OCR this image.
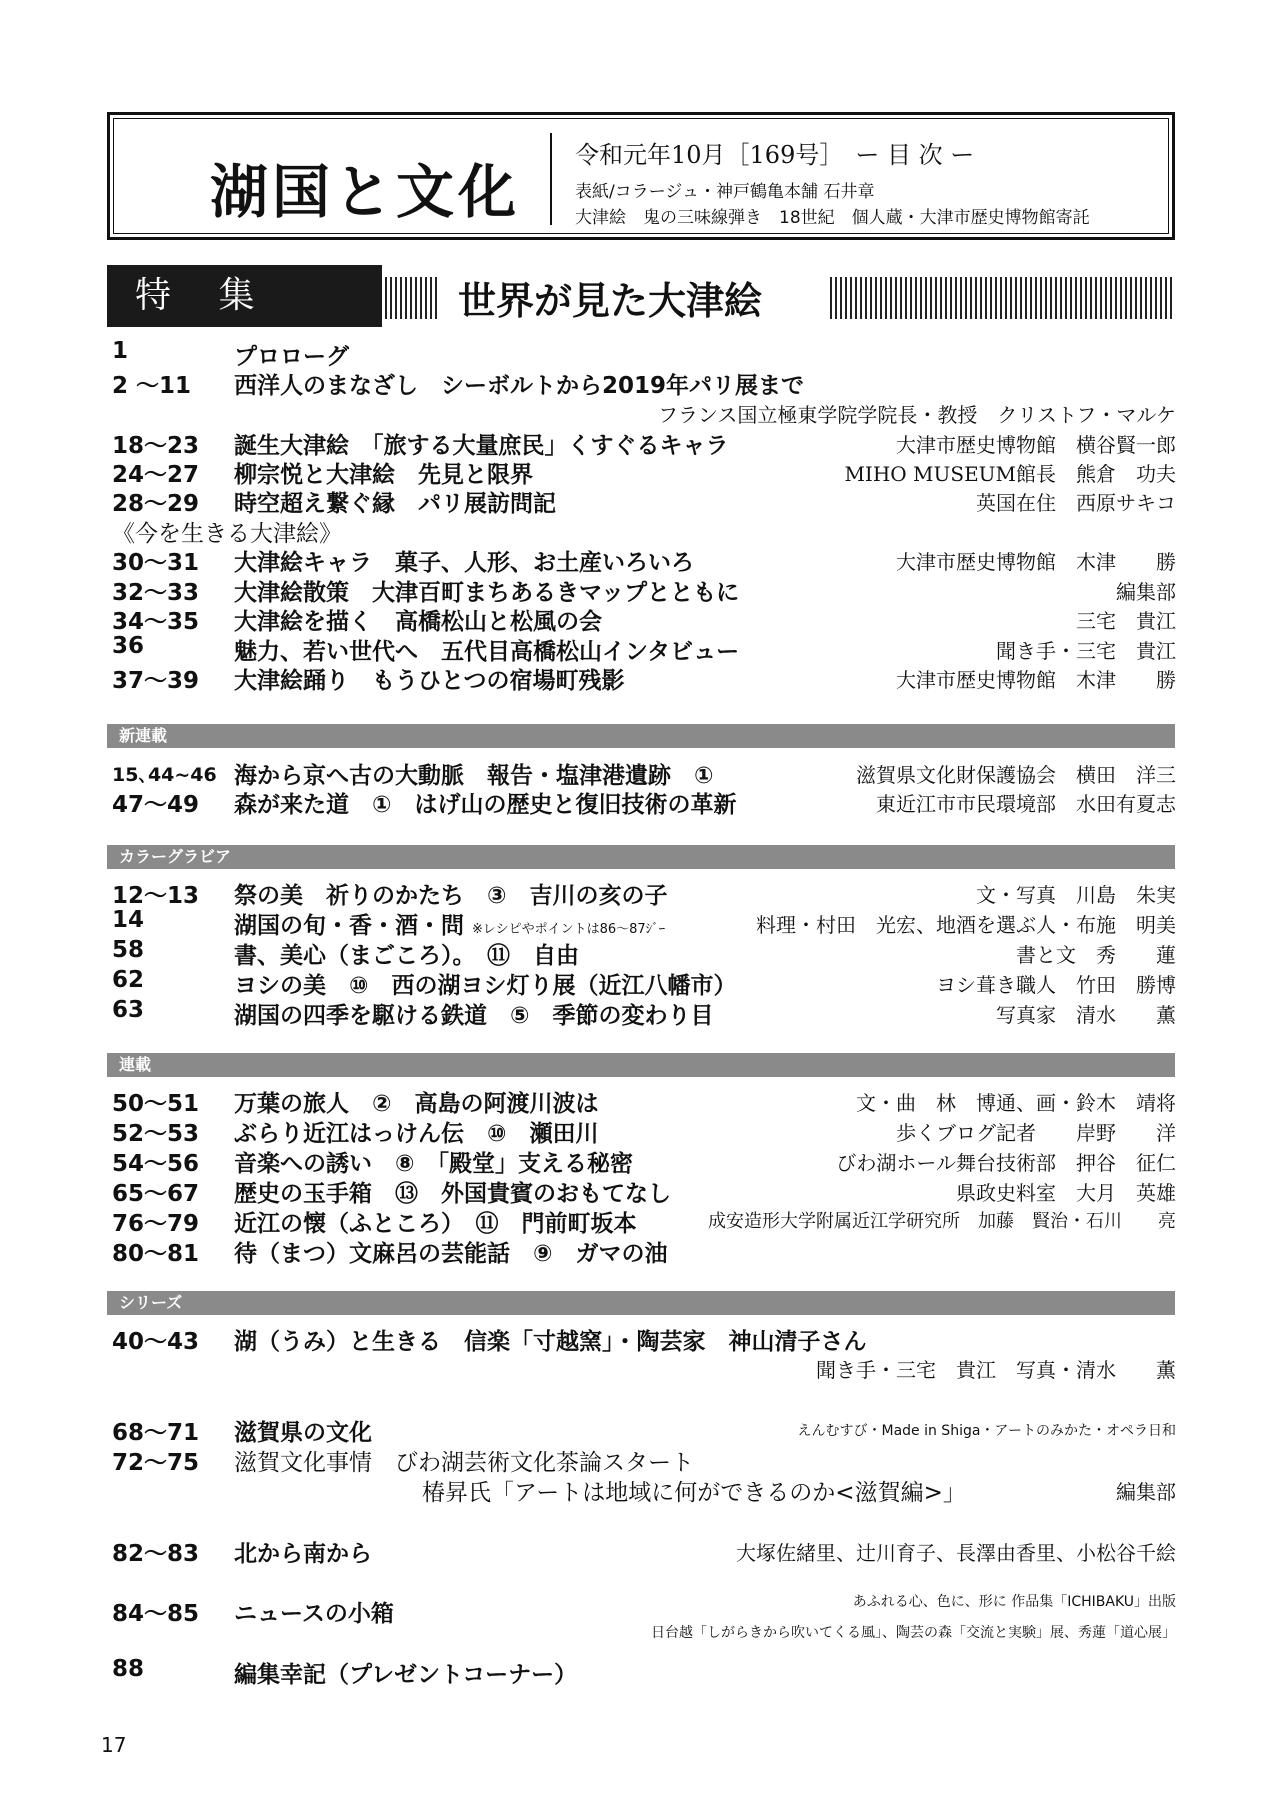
湖国と文化
令和元年10月［169号］　ー 目 次 ー
表紙/コラージュ・神戸鶴亀本舗 石井章
大津絵　鬼の三味線弾き　18世紀　個人蔵・大津市歴史博物館寄託
特 集	世界が見た大津絵
1	プロローグ
2 ～11 西洋人のまなざし　シーボルトから2019年パリ展まで
フランス国立極東学院学院長・教授　クリストフ・マルケ
18～23 誕生大津絵　「旅する大量庶民」くすぐるキャラ	大津市歴史博物館　横谷賢一郎
24～27 柳宗悦と大津絵　先見と限界	MIHO MUSEUM館長　熊倉　功夫
28～29 時空超え繋ぐ縁　パリ展訪問記	英国在住　西原サキコ
《今を生きる大津絵》
30～31 大津絵キャラ　菓子、人形、お土産いろいろ	大津市歴史博物館　木津　　勝
32～33 大津絵散策　大津百町まちあるきマップとともに	編集部
34～35 大津絵を描く　高橋松山と松風の会	三宅　貴江
36	魅力、若い世代へ　五代目高橋松山インタビュー	聞き手・三宅　貴江
37～39 大津絵踊り　もうひとつの宿場町残影	大津市歴史博物館　木津　　勝
新連載
15､44~46 海から京へ古の大動脈　報告・塩津港遺跡　①	滋賀県文化財保護協会　横田　洋三
47～49 森が来た道　①　はげ山の歴史と復旧技術の革新	東近江市市民環境部　水田有夏志
カラーグラビア
12～13 祭の美　祈りのかたち　③　吉川の亥の子	文・写真　川島　朱実
14	湖国の旬・香・酒・問 ※レシピやポイントは86～87ｼﾞｰ	料理・村田　光宏、地酒を選ぶ人・布施　明美
58	書、美心（まごころ）。　⑪　自由	書と文　秀　　蓮
62	ヨシの美　⑩　西の湖ヨシ灯り展（近江八幡市）	ヨシ葺き職人　竹田　勝博
63	湖国の四季を駆ける鉄道　⑤　季節の変わり目	写真家　清水　　薫
連載
50～51 万葉の旅人　②　高島の阿渡川波は	文・曲　林　博通、画・鈴木　靖将
52～53 ぶらり近江はっけん伝　⑩　瀬田川	歩くブログ記者　　岸野　　洋
54～56 音楽への誘い　⑧　「殿堂」支える秘密	びわ湖ホール舞台技術部　押谷　征仁
65～67 歴史の玉手箱　⑬　外国貴賓のおもてなし	県政史料室　大月　英雄
76～79 近江の懐（ふところ）　⑪　門前町坂本	成安造形大学附属近江学研究所　加藤　賢治・石川　　亮
80～81 待（まつ）文麻呂の芸能話　⑨　ガマの油
シリーズ
40～43 湖（うみ）と生きる　信楽「寸越窯」・陶芸家　神山清子さん
聞き手・三宅　貴江　写真・清水　　薫
68～71 滋賀県の文化	えんむすび・Made in Shiga・アートのみかた・オペラ日和
72～75 滋賀文化事情　びわ湖芸術文化茶論スタート
椿昇氏「アートは地域に何ができるのか<滋賀編>」	編集部
82～83 北から南から	大塚佐緒里、辻川育子、長澤由香里、小松谷千絵
84～85 ニュースの小箱	あふれる心、色に、形に 作品集「ICHIBAKU」出版
日台越「しがらきから吹いてくる風」、陶芸の森「交流と実験」展、秀蓮「道心展」
88	編集幸記（プレゼントコーナー）
17
